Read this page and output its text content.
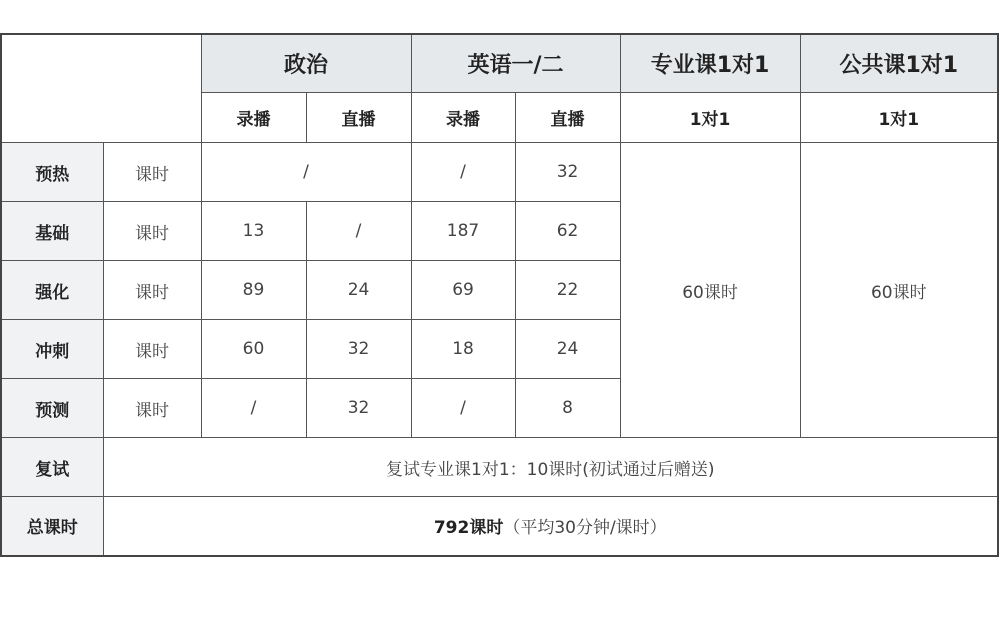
		政治		英语一/二		专业课1对1	公共课1对1
		录播	直播	录播	直播	1对1	1对1
预热	课时	/		/	32	60课时	60课时
基础	课时	13	/	187	62		
强化	课时	89	24	69	22		
冲刺	课时	60	32	18	24		
预测	课时	/	32	/	8		
复试	复试专业课1对1：10课时(初试通过后赠送)						
总课时	792课时（平均30分钟/课时）						
